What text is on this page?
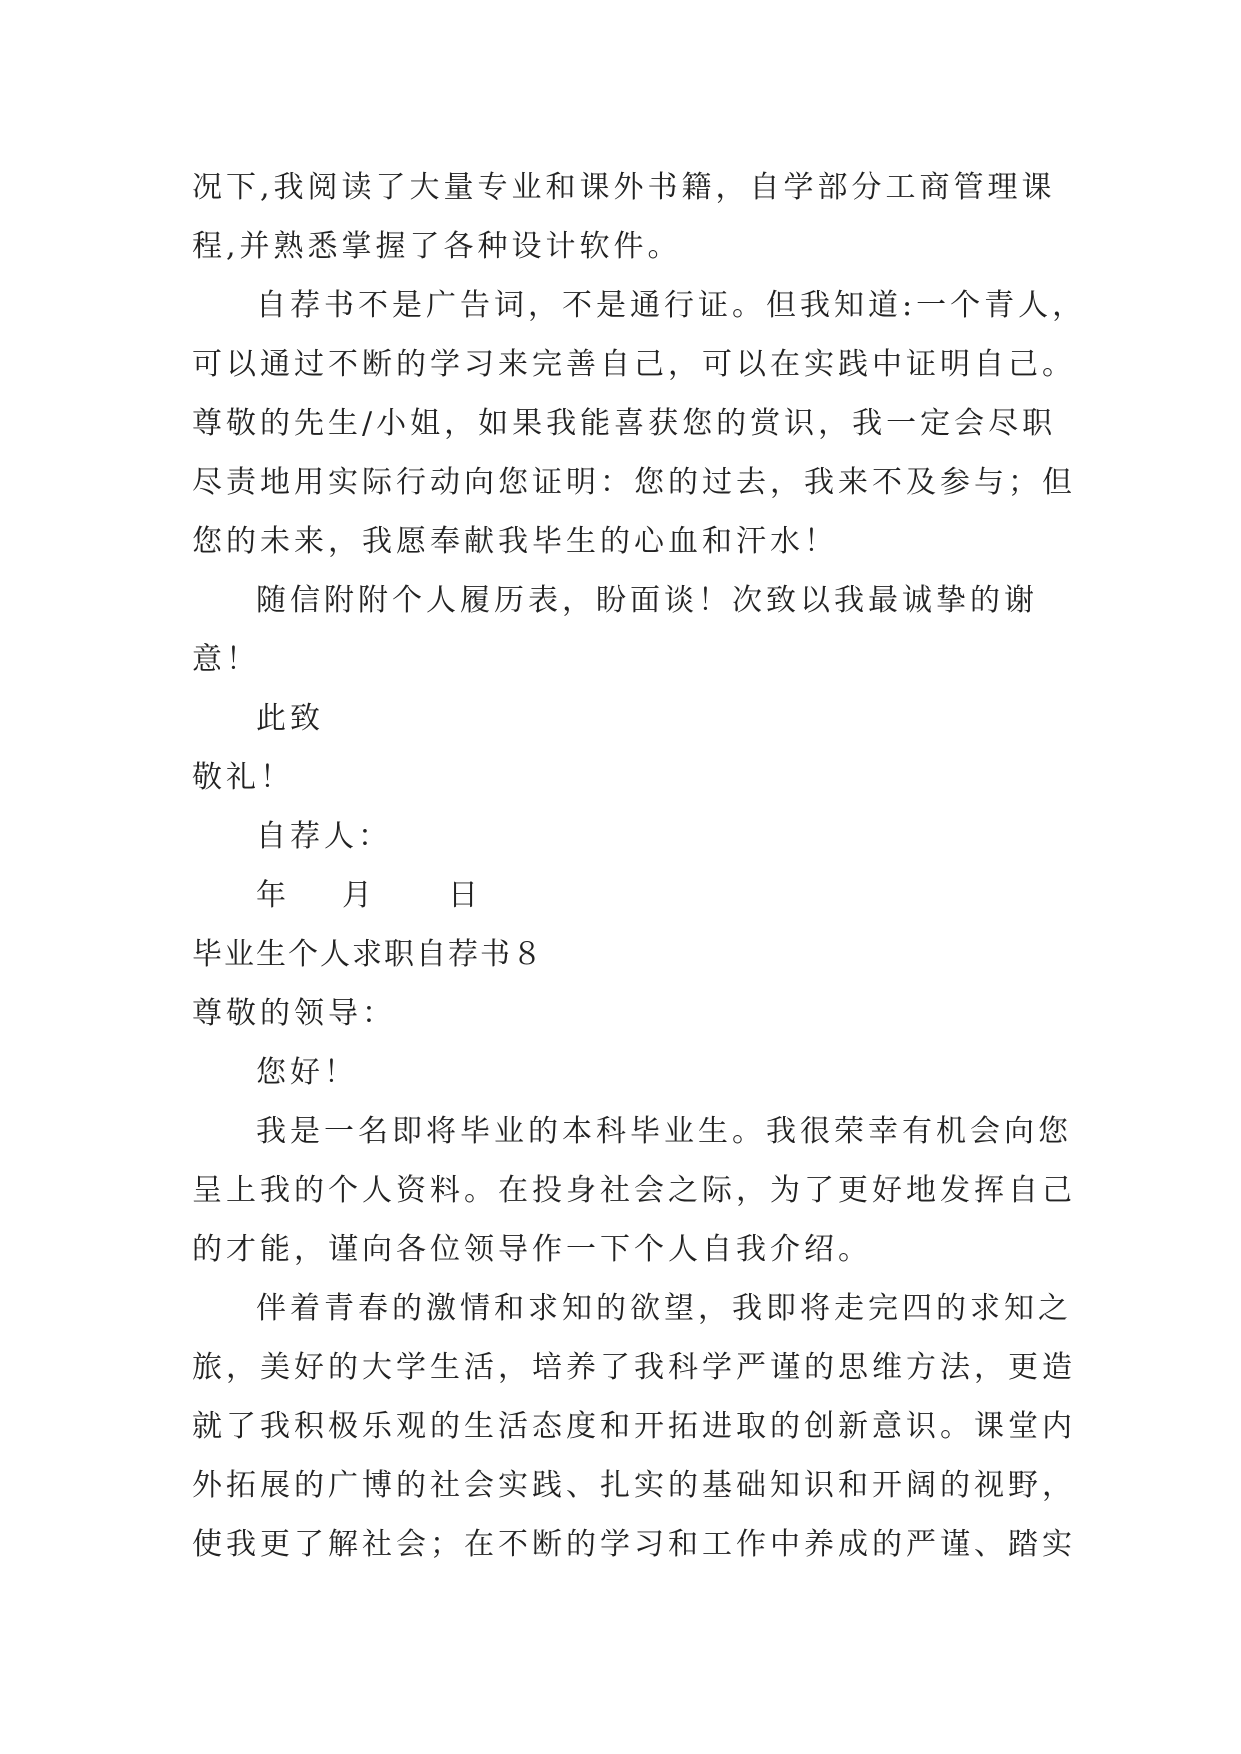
况下,我阅读了大量专业和课外书籍，自学部分工商管理课
程,并熟悉掌握了各种设计软件。
自荐书不是广告词，不是通行证。但我知道:一个青人，
可以通过不断的学习来完善自己，可以在实践中证明自己。
尊敬的先生/小姐，如果我能喜获您的赏识，我一定会尽职
尽责地用实际行动向您证明：您的过去，我来不及参与；但
您的未来，我愿奉献我毕生的心血和汗水！
随信附附个人履历表，盼面谈！次致以我最诚挚的谢
意！
此致
敬礼！
自荐人：
年 月 日
毕业生个人求职自荐书８
尊敬的领导：
您好！
我是一名即将毕业的本科毕业生。我很荣幸有机会向您
呈上我的个人资料。在投身社会之际，为了更好地发挥自己
的才能，谨向各位领导作一下个人自我介绍。
伴着青春的激情和求知的欲望，我即将走完四的求知之
旅，美好的大学生活，培养了我科学严谨的思维方法，更造
就了我积极乐观的生活态度和开拓进取的创新意识。课堂内
外拓展的广博的社会实践、扎实的基础知识和开阔的视野，
使我更了解社会；在不断的学习和工作中养成的严谨、踏实
